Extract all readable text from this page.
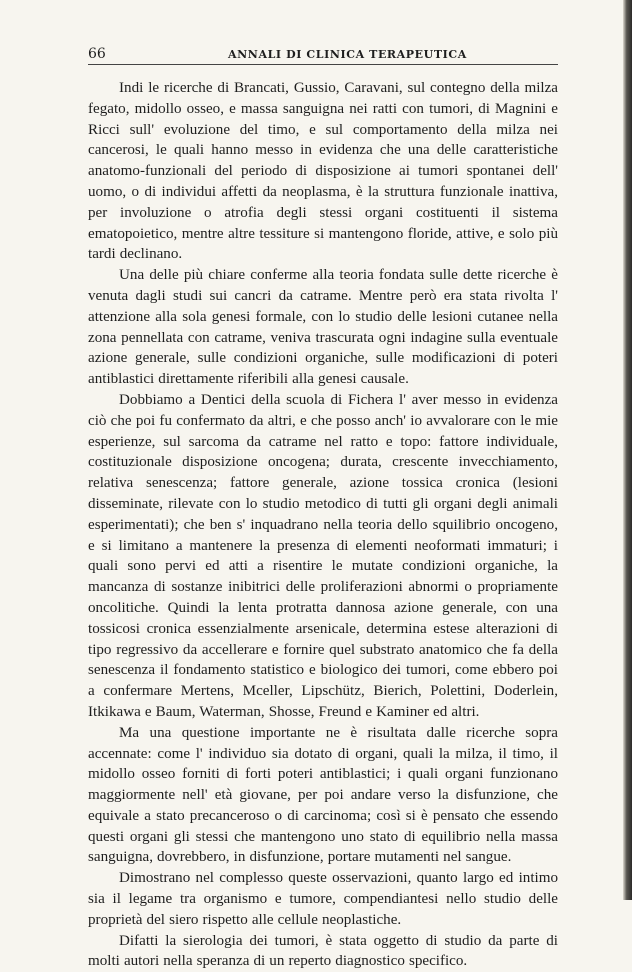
66	ANNALI DI CLINICA TERAPEUTICA

Indi le ricerche di Brancati, Gussio, Caravani, sul contegno della milza fegato, midollo osseo, e massa sanguigna nei ratti con tumori, di Magnini e Ricci sull' evoluzione del timo, e sul comportamento della milza nei cancerosi, le quali hanno messo in evidenza che una delle caratteristiche anatomo-funzionali del periodo di disposizione ai tumori spontanei dell' uomo, o di individui affetti da neoplasma, è la struttura funzionale inattiva, per involuzione o atrofia degli stessi organi costituenti il sistema ematopoietico, mentre altre tessiture si mantengono floride, attive, e solo più tardi declinano.

Una delle più chiare conferme alla teoria fondata sulle dette ricerche è venuta dagli studi sui cancri da catrame. Mentre però era stata rivolta l' attenzione alla sola genesi formale, con lo studio delle lesioni cutanee nella zona pennellata con catrame, veniva trascurata ogni indagine sulla eventuale azione generale, sulle condizioni organiche, sulle modificazioni di poteri antiblastici direttamente riferibili alla genesi causale.

Dobbiamo a Dentici della scuola di Fichera l' aver messo in evidenza ciò che poi fu confermato da altri, e che posso anch' io avvalorare con le mie esperienze, sul sarcoma da catrame nel ratto e topo: fattore individuale, costituzionale disposizione oncogena; durata, crescente invecchiamento, relativa senescenza; fattore generale, azione tossica cronica (lesioni disseminate, rilevate con lo studio metodico di tutti gli organi degli animali esperimentati); che ben s' inquadrano nella teoria dello squilibrio oncogeno, e si limitano a mantenere la presenza di elementi neoformati immaturi; i quali sono pervi ed atti a risentire le mutate condizioni organiche, la mancanza di sostanze inibitrici delle proliferazioni abnormi o propriamente oncolitiche. Quindi la lenta protratta dannosa azione generale, con una tossicosi cronica essenzialmente arsenicale, determina estese alterazioni di tipo regressivo da accellerare e fornire quel substrato anatomico che fa della senescenza il fondamento statistico e biologico dei tumori, come ebbero poi a confermare Mertens, Mceller, Lipschütz, Bierich, Polettini, Doderlein, Itkikawa e Baum, Waterman, Shosse, Freund e Kaminer ed altri.

Ma una questione importante ne è risultata dalle ricerche sopra accennate: come l' individuo sia dotato di organi, quali la milza, il timo, il midollo osseo forniti di forti poteri antiblastici; i quali organi funzionano maggiormente nell' età giovane, per poi andare verso la disfunzione, che equivale a stato precanceroso o di carcinoma; così si è pensato che essendo questi organi gli stessi che mantengono uno stato di equilibrio nella massa sanguigna, dovrebbero, in disfunzione, portare mutamenti nel sangue.

Dimostrano nel complesso queste osservazioni, quanto largo ed intimo sia il legame tra organismo e tumore, compendiantesi nello studio delle proprietà del siero rispetto alle cellule neoplastiche.

Difatti la sierologia dei tumori, è stata oggetto di studio da parte di molti autori nella speranza di un reperto diagnostico specifico.
